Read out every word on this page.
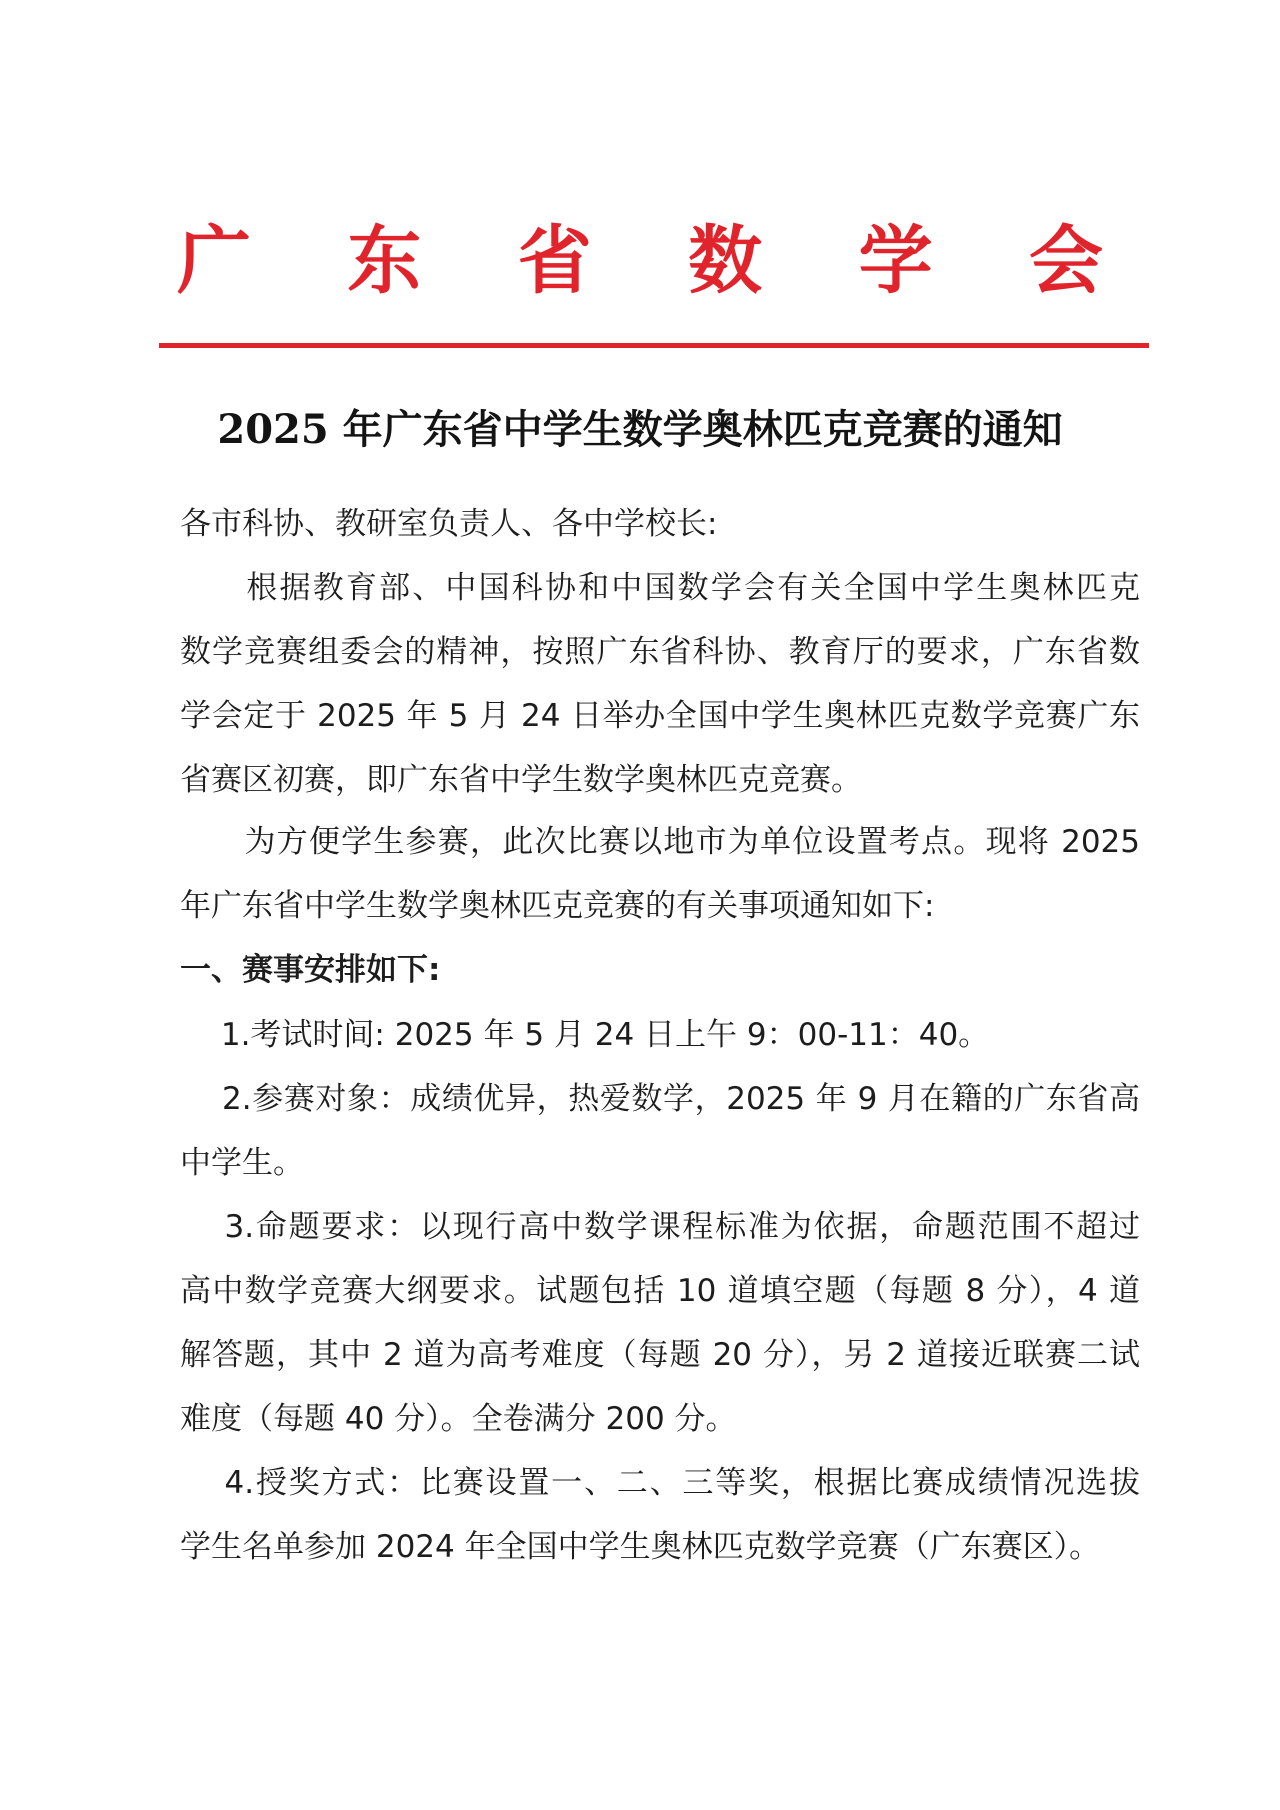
广 东 省 数 学 会
2025 年广东省中学生数学奥林匹克竞赛的通知
各市科协、教研室负责人、各中学校长:
　　根据教育部、中国科协和中国数学会有关全国中学生奥林匹克
数学竞赛组委会的精神，按照广东省科协、教育厅的要求，广东省数
学会定于 2025 年 5 月 24 日举办全国中学生奥林匹克数学竞赛广东
省赛区初赛，即广东省中学生数学奥林匹克竞赛。
　　为方便学生参赛，此次比赛以地市为单位设置考点。现将 2025
年广东省中学生数学奥林匹克竞赛的有关事项通知如下:
一、赛事安排如下:
　 1.考试时间: 2025 年 5 月 24 日上午 9：00-11：40。
　 2.参赛对象：成绩优异，热爱数学，2025 年 9 月在籍的广东省高
中学生。
　 3.命题要求：以现行高中数学课程标准为依据，命题范围不超过
高中数学竞赛大纲要求。试题包括 10 道填空题（每题 8 分），4 道
解答题，其中 2 道为高考难度（每题 20 分），另 2 道接近联赛二试
难度（每题 40 分）。全卷满分 200 分。
　 4.授奖方式：比赛设置一、二、三等奖，根据比赛成绩情况选拔
学生名单参加 2024 年全国中学生奥林匹克数学竞赛（广东赛区）。
